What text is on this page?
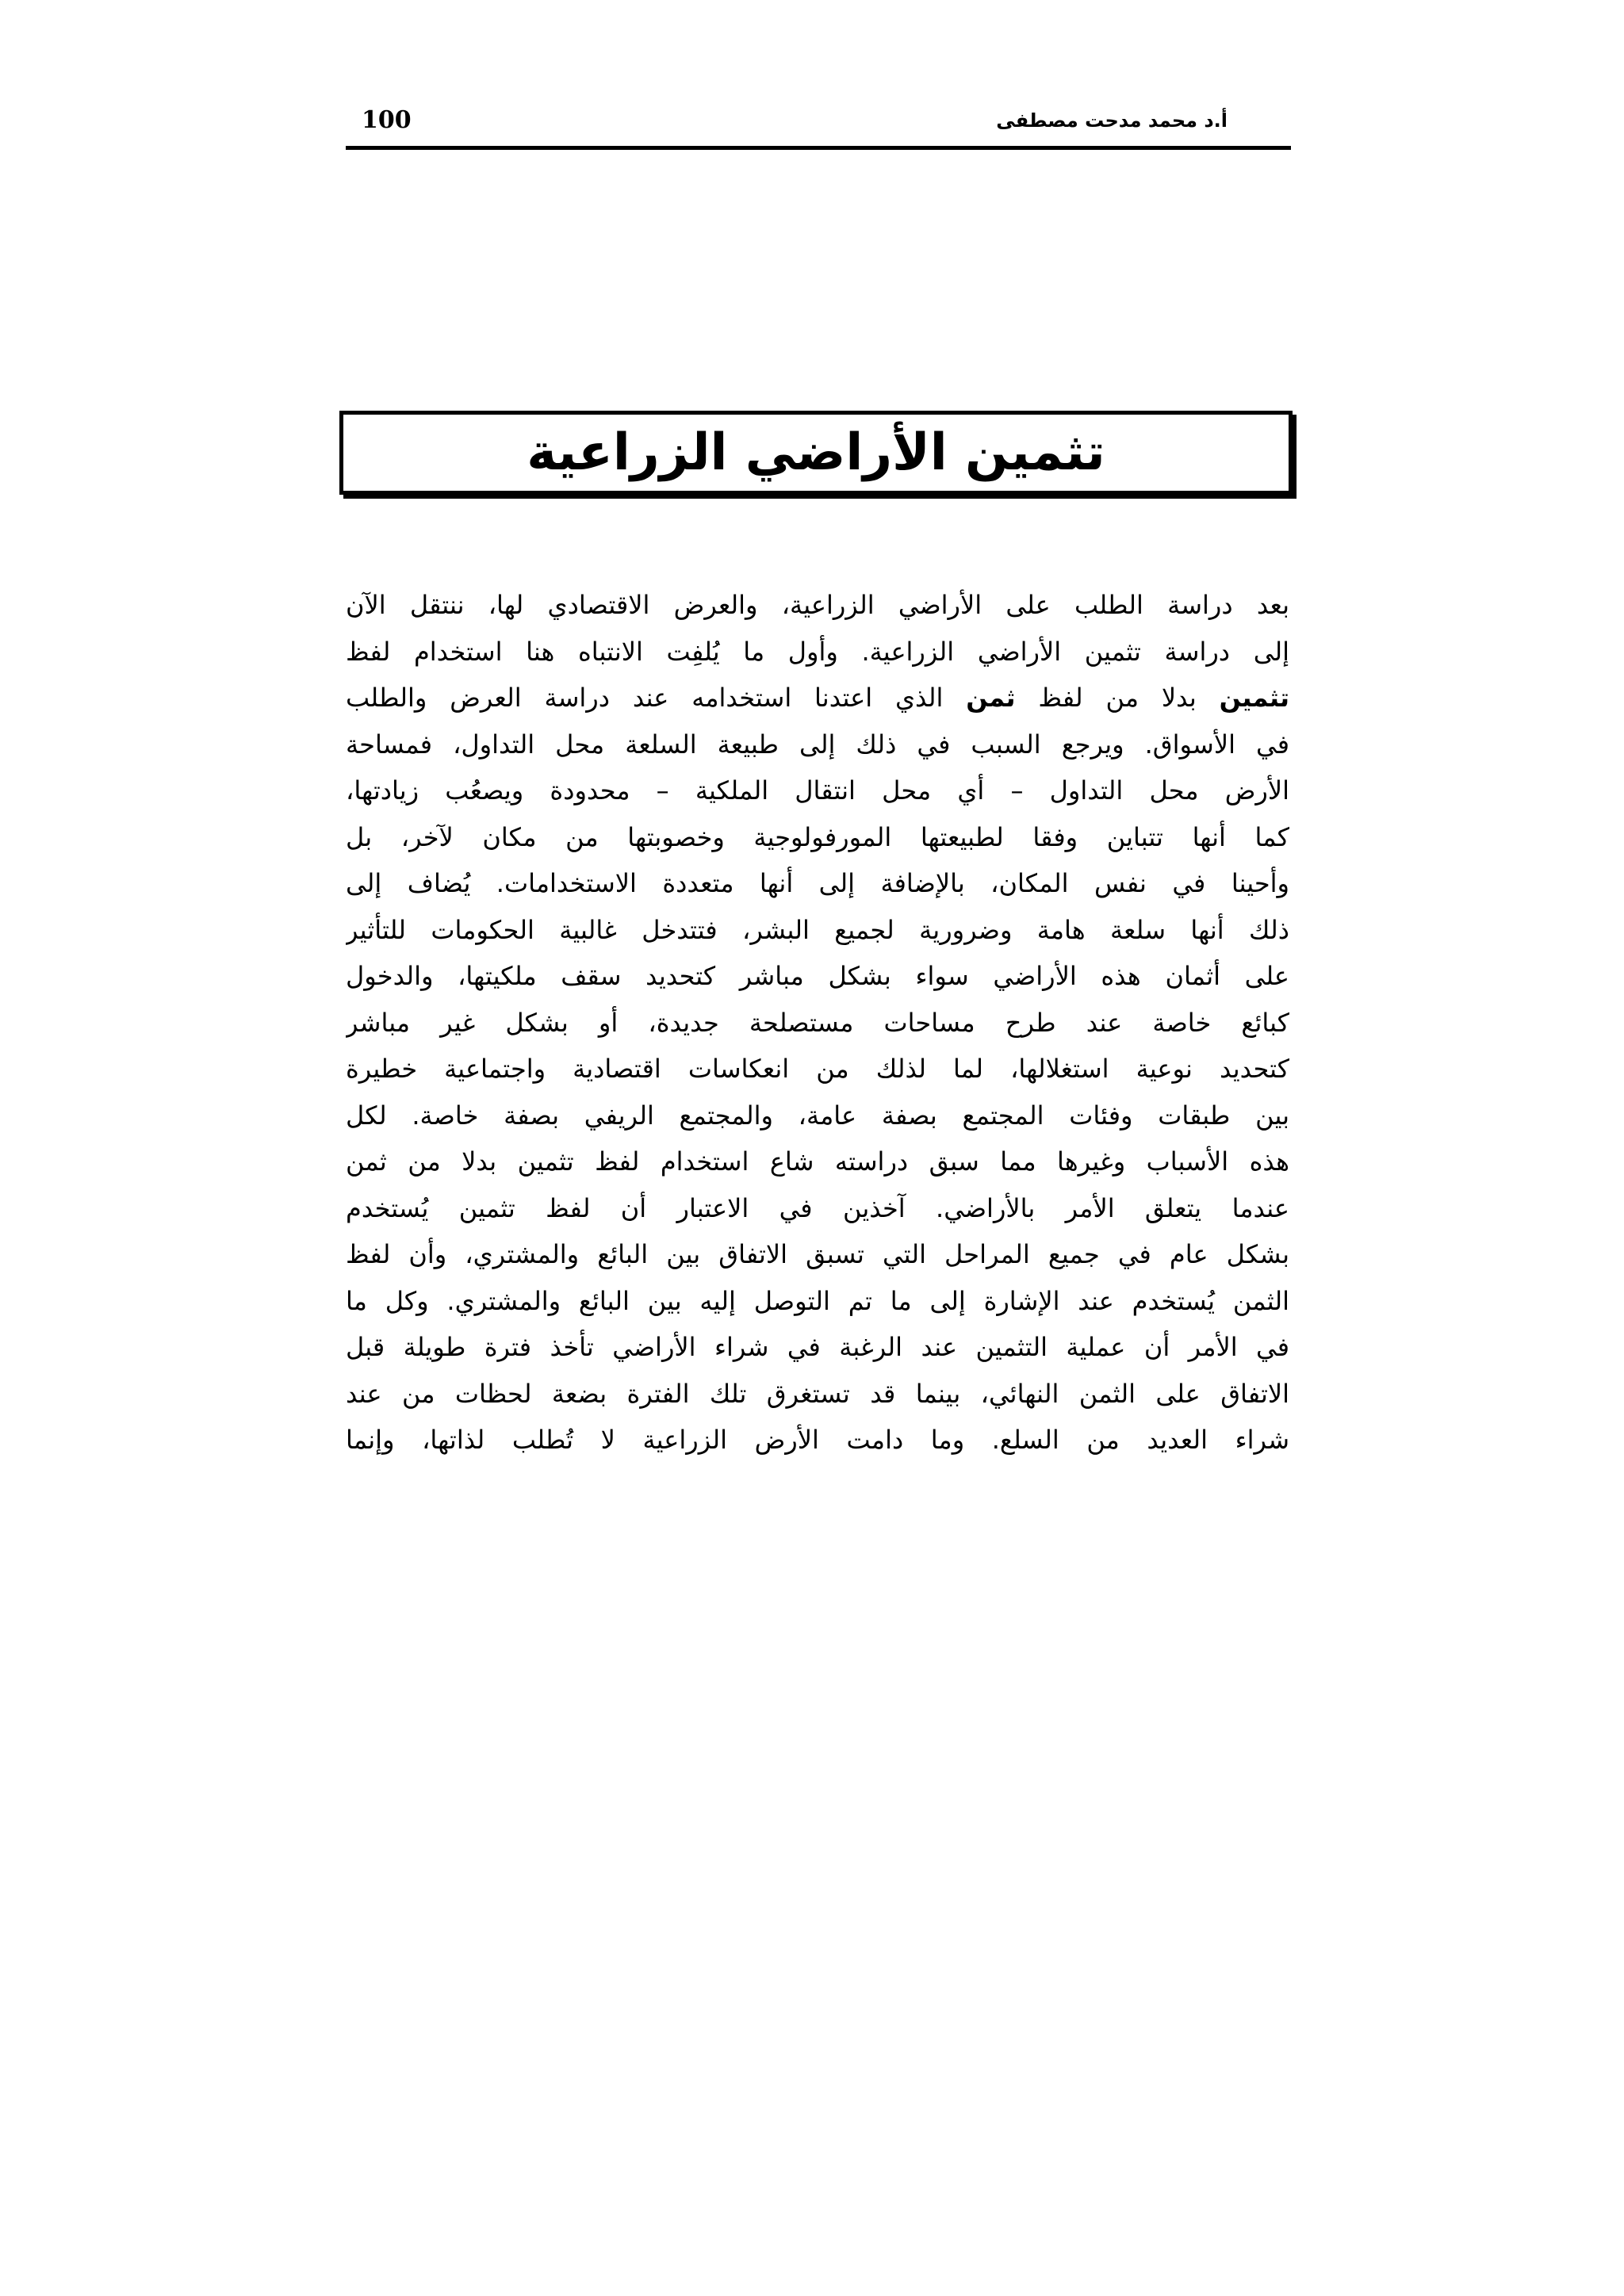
100	أ.د محمد مدحت مصطفى
تثمين الأراضي الزراعية
بعد دراسة الطلب على الأراضي الزراعية، والعرض الاقتصادي لها، ننتقل الآن
إلى دراسة تثمين الأراضي الزراعية. وأول ما يُلفِت الانتباه هنا استخدام لفظ
تثمين بدلا من لفظ ثمن الذي اعتدنا استخدامه عند دراسة العرض والطلب
في الأسواق. ويرجع السبب في ذلك إلى طبيعة السلعة محل التداول، فمساحة
الأرض محل التداول – أي محل انتقال الملكية – محدودة ويصعُب زيادتها،
كما أنها تتباين وفقا لطبيعتها المورفولوجية وخصوبتها من مكان لآخر، بل
وأحينا في نفس المكان، بالإضافة إلى أنها متعددة الاستخدامات. يُضاف إلى
ذلك أنها سلعة هامة وضرورية لجميع البشر، فتتدخل غالبية الحكومات للتأثير
على أثمان هذه الأراضي سواء بشكل مباشر كتحديد سقف ملكيتها، والدخول
كبائع خاصة عند طرح مساحات مستصلحة جديدة، أو بشكل غير مباشر
كتحديد نوعية استغلالها، لما لذلك من انعكاسات اقتصادية واجتماعية خطيرة
بين طبقات وفئات المجتمع بصفة عامة، والمجتمع الريفي بصفة خاصة. لكل
هذه الأسباب وغيرها مما سبق دراسته شاع استخدام لفظ تثمين بدلا من ثمن
عندما يتعلق الأمر بالأراضي. آخذين في الاعتبار أن لفظ تثمين يُستخدم
بشكل عام في جميع المراحل التي تسبق الاتفاق بين البائع والمشتري، وأن لفظ
الثمن يُستخدم عند الإشارة إلى ما تم التوصل إليه بين البائع والمشتري. وكل ما
في الأمر أن عملية التثمين عند الرغبة في شراء الأراضي تأخذ فترة طويلة قبل
الاتفاق على الثمن النهائي، بينما قد تستغرق تلك الفترة بضعة لحظات من عند
شراء العديد من السلع. وما دامت الأرض الزراعية لا تُطلب لذاتها، وإنما
